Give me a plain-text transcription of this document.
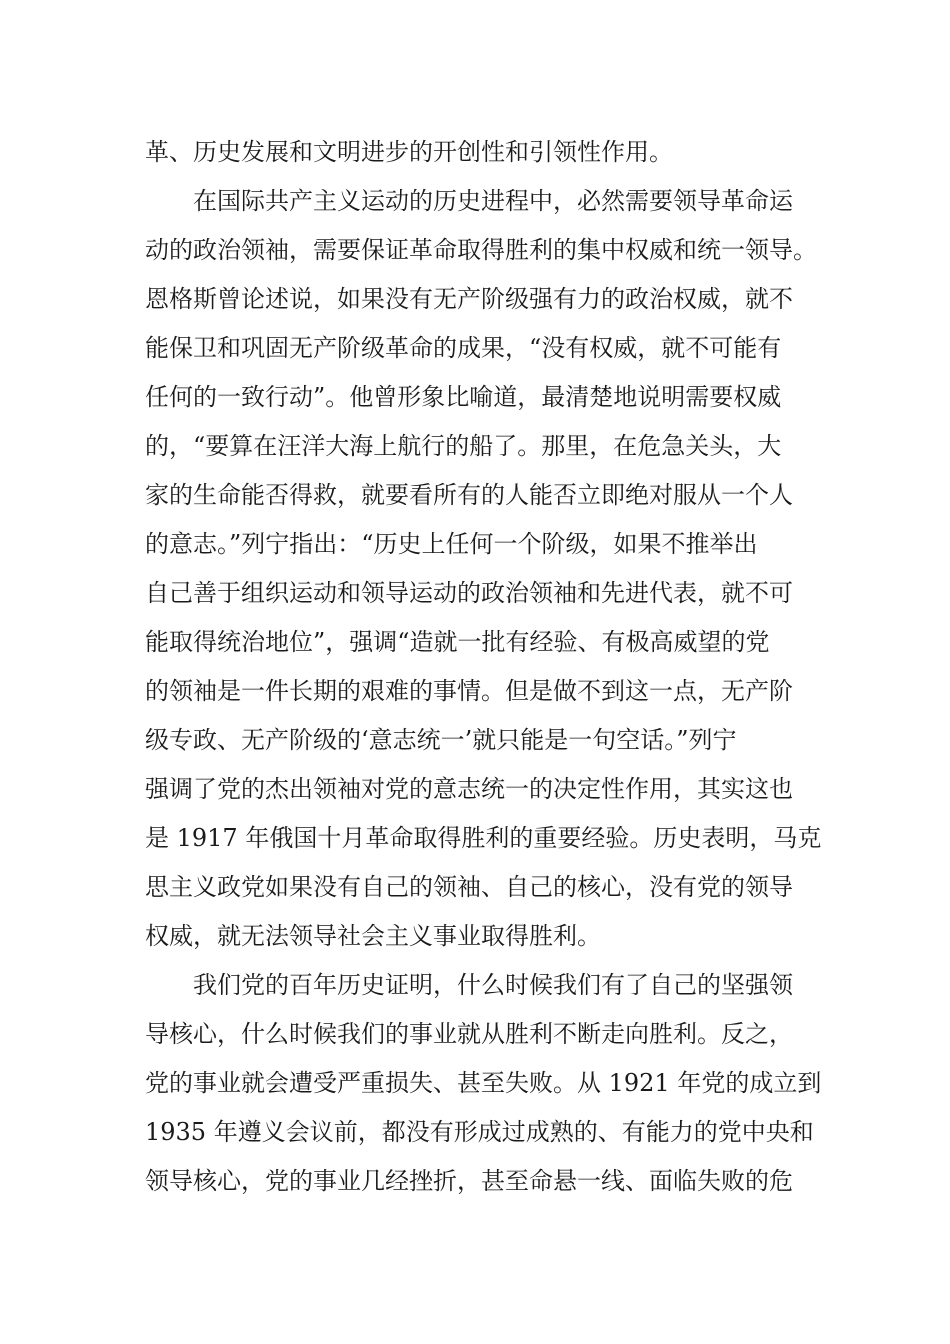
革、历史发展和文明进步的开创性和引领性作用。

在国际共产主义运动的历史进程中，必然需要领导革命运

动的政治领袖，需要保证革命取得胜利的集中权威和统一领导。

恩格斯曾论述说，如果没有无产阶级强有力的政治权威，就不

能保卫和巩固无产阶级革命的成果，“没有权威，就不可能有

任何的一致行动”。他曾形象比喻道，最清楚地说明需要权威

的，“要算在汪洋大海上航行的船了。那里，在危急关头，大

家的生命能否得救，就要看所有的人能否立即绝对服从一个人

的意志。”列宁指出：“历史上任何一个阶级，如果不推举出

自己善于组织运动和领导运动的政治领袖和先进代表，就不可

能取得统治地位”，强调“造就一批有经验、有极高威望的党

的领袖是一件长期的艰难的事情。但是做不到这一点，无产阶

级专政、无产阶级的‘意志统一’就只能是一句空话。”列宁

强调了党的杰出领袖对党的意志统一的决定性作用，其实这也

是 1917 年俄国十月革命取得胜利的重要经验。历史表明，马克

思主义政党如果没有自己的领袖、自己的核心，没有党的领导

权威，就无法领导社会主义事业取得胜利。

我们党的百年历史证明，什么时候我们有了自己的坚强领

导核心，什么时候我们的事业就从胜利不断走向胜利。反之，

党的事业就会遭受严重损失、甚至失败。从 1921 年党的成立到

1935 年遵义会议前，都没有形成过成熟的、有能力的党中央和

领导核心，党的事业几经挫折，甚至命悬一线、面临失败的危
